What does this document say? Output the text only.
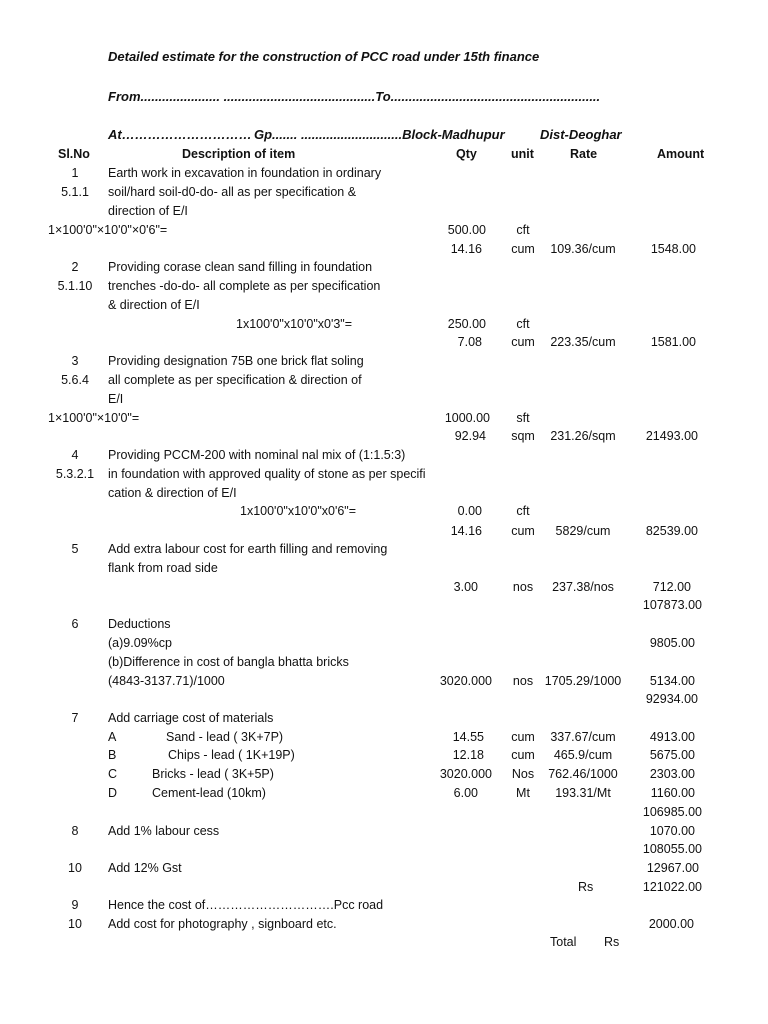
Detailed estimate for the construction of PCC road under 15th finance
From...................... ..........................................To..........................................................
At………………………… Gp....... ............................Block-Madhupur	Dist-Deoghar
Sl.No	Description of item	Qty	unit	Rate	Amount
1
5.1.1
Earth work in excavation in foundation in ordinary
soil/hard soil-d0-do- all as per specification &
direction of E/I
1×100'0"×10'0"×0'6"=	500.00	cft
14.16	cum	109.36/cum	1548.00
2
5.1.10
Providing corase clean sand filling in foundation
trenches -do-do- all complete as per specification
& direction of E/I
1x100'0"x10'0"x0'3"=	250.00	cft
7.08	cum	223.35/cum	1581.00
3
5.6.4
Providing designation 75B one brick flat soling
all complete as per specification & direction of
E/I
1×100'0"×10'0"=	1000.00	sft
92.94	sqm	231.26/sqm	21493.00
4
5.3.2.1
Providing PCCM-200 with nominal nal mix of (1:1.5:3)
in foundation with approved quality of stone as per specifi
cation & direction of E/I
1x100'0"x10'0"x0'6"=	0.00	cft
14.16	cum	5829/cum	82539.00
5	Add extra labour cost for earth filling and removing
flank from road side
3.00	nos	237.38/nos	712.00
107873.00
6	Deductions
(a)9.09%cp	9805.00
(b)Difference in cost of bangla bhatta bricks
(4843-3137.71)/1000	3020.000	nos 1705.29/1000	5134.00
92934.00
7	Add carriage cost of materials
A	Sand - lead ( 3K+7P)	14.55	cum	337.67/cum	4913.00
B	Chips - lead ( 1K+19P)	12.18	cum	465.9/cum	5675.00
C	Bricks - lead ( 3K+5P)	3020.000	Nos	762.46/1000	2303.00
D	Cement-lead (10km)	6.00	Mt	193.31/Mt	1160.00
106985.00
8	Add 1% labour cess	1070.00
108055.00
10	Add 12% Gst	12967.00
Rs	121022.00
9	Hence the cost of………………………….Pcc road
10	Add cost for photography , signboard etc.	2000.00
Total Rs
